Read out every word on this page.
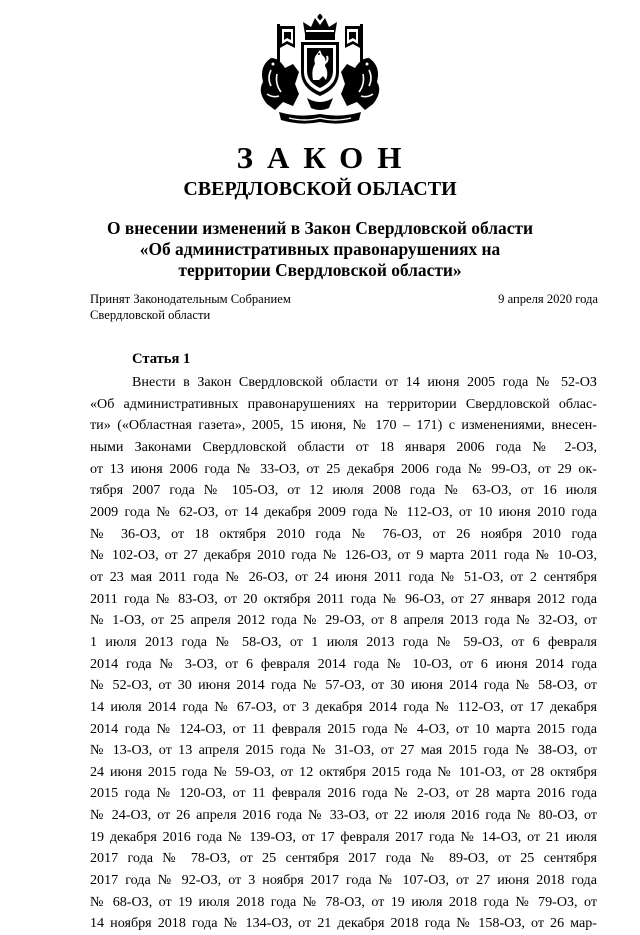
ЗАКОН
СВЕРДЛОВСКОЙ ОБЛАСТИ
О внесении изменений в Закон Свердловской области
«Об административных правонарушениях на
территории Свердловской области»
Принят Законодательным Собранием
Свердловской области
9 апреля 2020 года
Статья 1
Внести в Закон Свердловской области от 14 июня 2005 года № 52-ОЗ
«Об административных правонарушениях на территории Свердловской облас-
ти» («Областная газета», 2005, 15 июня, № 170 – 171) с изменениями, внесен-
ными Законами Свердловской области от 18 января 2006 года № 2-ОЗ,
от 13 июня 2006 года № 33-ОЗ, от 25 декабря 2006 года № 99-ОЗ, от 29 ок-
тября 2007 года № 105-ОЗ, от 12 июля 2008 года № 63-ОЗ, от 16 июля
2009 года № 62-ОЗ, от 14 декабря 2009 года № 112-ОЗ, от 10 июня 2010 года
№ 36-ОЗ, от 18 октября 2010 года № 76-ОЗ, от 26 ноября 2010 года
№ 102-ОЗ, от 27 декабря 2010 года № 126-ОЗ, от 9 марта 2011 года № 10-ОЗ,
от 23 мая 2011 года № 26-ОЗ, от 24 июня 2011 года № 51-ОЗ, от 2 сентября
2011 года № 83-ОЗ, от 20 октября 2011 года № 96-ОЗ, от 27 января 2012 года
№ 1-ОЗ, от 25 апреля 2012 года № 29-ОЗ, от 8 апреля 2013 года № 32-ОЗ, от
1 июля 2013 года № 58-ОЗ, от 1 июля 2013 года № 59-ОЗ, от 6 февраля
2014 года № 3-ОЗ, от 6 февраля 2014 года № 10-ОЗ, от 6 июня 2014 года
№ 52-ОЗ, от 30 июня 2014 года № 57-ОЗ, от 30 июня 2014 года № 58-ОЗ, от
14 июля 2014 года № 67-ОЗ, от 3 декабря 2014 года № 112-ОЗ, от 17 декабря
2014 года № 124-ОЗ, от 11 февраля 2015 года № 4-ОЗ, от 10 марта 2015 года
№ 13-ОЗ, от 13 апреля 2015 года № 31-ОЗ, от 27 мая 2015 года № 38-ОЗ, от
24 июня 2015 года № 59-ОЗ, от 12 октября 2015 года № 101-ОЗ, от 28 октября
2015 года № 120-ОЗ, от 11 февраля 2016 года № 2-ОЗ, от 28 марта 2016 года
№ 24-ОЗ, от 26 апреля 2016 года № 33-ОЗ, от 22 июля 2016 года № 80-ОЗ, от
19 декабря 2016 года № 139-ОЗ, от 17 февраля 2017 года № 14-ОЗ, от 21 июля
2017 года № 78-ОЗ, от 25 сентября 2017 года № 89-ОЗ, от 25 сентября
2017 года № 92-ОЗ, от 3 ноября 2017 года № 107-ОЗ, от 27 июня 2018 года
№ 68-ОЗ, от 19 июля 2018 года № 78-ОЗ, от 19 июля 2018 года № 79-ОЗ, от
14 ноября 2018 года № 134-ОЗ, от 21 декабря 2018 года № 158-ОЗ, от 26 мар-
